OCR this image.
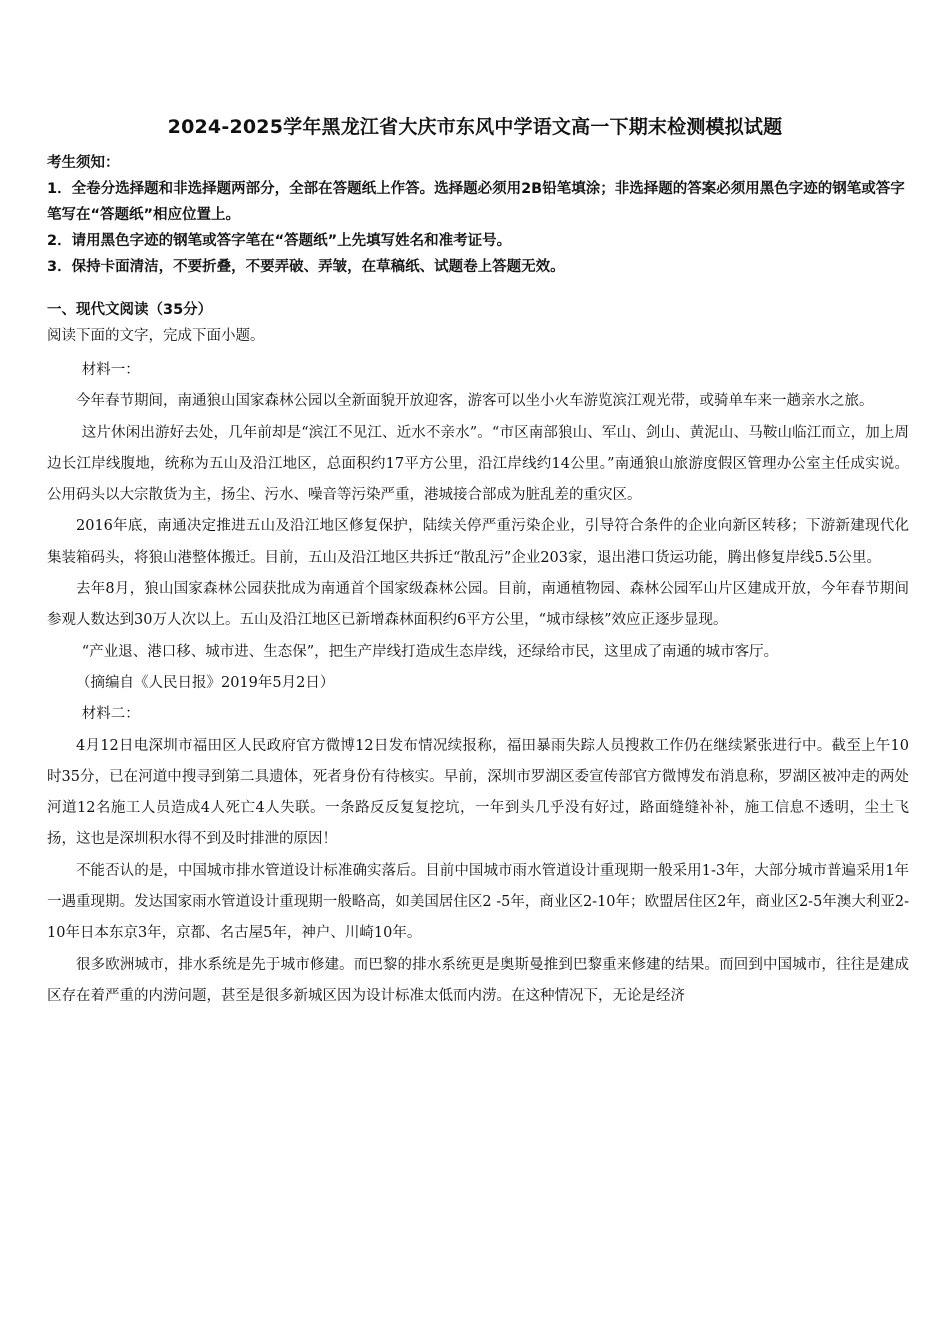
2024-2025学年黑龙江省大庆市东风中学语文高一下期末检测模拟试题

考生须知：

1．全卷分选择题和非选择题两部分，全部在答题纸上作答。选择题必须用2B铅笔填涂；非选择题的答案必须用黑色字迹的钢笔或答字笔写在“答题纸”相应位置上。

2．请用黑色字迹的钢笔或答字笔在“答题纸”上先填写姓名和准考证号。

3．保持卡面清洁，不要折叠，不要弄破、弄皱，在草稿纸、试题卷上答题无效。

一、现代文阅读（35分）
阅读下面的文字，完成下面小题。

材料一：

今年春节期间，南通狼山国家森林公园以全新面貌开放迎客，游客可以坐小火车游览滨江观光带，或骑单车来一趟亲水之旅。

这片休闲出游好去处，几年前却是“滨江不见江、近水不亲水”。“市区南部狼山、军山、剑山、黄泥山、马鞍山临江而立，加上周边长江岸线腹地，统称为五山及沿江地区，总面积约17平方公里，沿江岸线约14公里。”南通狼山旅游度假区管理办公室主任成实说。公用码头以大宗散货为主，扬尘、污水、噪音等污染严重，港城接合部成为脏乱差的重灾区。

2016年底，南通决定推进五山及沿江地区修复保护，陆续关停严重污染企业，引导符合条件的企业向新区转移；下游新建现代化集装箱码头，将狼山港整体搬迁。目前，五山及沿江地区共拆迁“散乱污”企业203家，退出港口货运功能，腾出修复岸线5.5公里。

去年8月，狼山国家森林公园获批成为南通首个国家级森林公园。目前，南通植物园、森林公园军山片区建成开放，今年春节期间参观人数达到30万人次以上。五山及沿江地区已新增森林面积约6平方公里，“城市绿核”效应正逐步显现。

“产业退、港口移、城市进、生态保”，把生产岸线打造成生态岸线，还绿给市民，这里成了南通的城市客厅。

（摘编自《人民日报》2019年5月2日）

材料二：

4月12日电深圳市福田区人民政府官方微博12日发布情况续报称，福田暴雨失踪人员搜救工作仍在继续紧张进行中。截至上午10时35分，已在河道中搜寻到第二具遗体，死者身份有待核实。早前，深圳市罗湖区委宣传部官方微博发布消息称，罗湖区被冲走的两处河道12名施工人员造成4人死亡4人失联。一条路反反复复挖坑，一年到头几乎没有好过，路面缝缝补补，施工信息不透明，尘土飞扬，这也是深圳积水得不到及时排泄的原因！

不能否认的是，中国城市排水管道设计标准确实落后。目前中国城市雨水管道设计重现期一般采用1-3年，大部分城市普遍采用1年一遇重现期。发达国家雨水管道设计重现期一般略高，如美国居住区2 -5年，商业区2-10年；欧盟居住区2年，商业区2-5年澳大利亚2-10年日本东京3年，京都、名古屋5年，神户、川崎10年。

很多欧洲城市，排水系统是先于城市修建。而巴黎的排水系统更是奥斯曼推到巴黎重来修建的结果。而回到中国城市，往往是建成区存在着严重的内涝问题，甚至是很多新城区因为设计标准太低而内涝。在这种情况下，无论是经济
